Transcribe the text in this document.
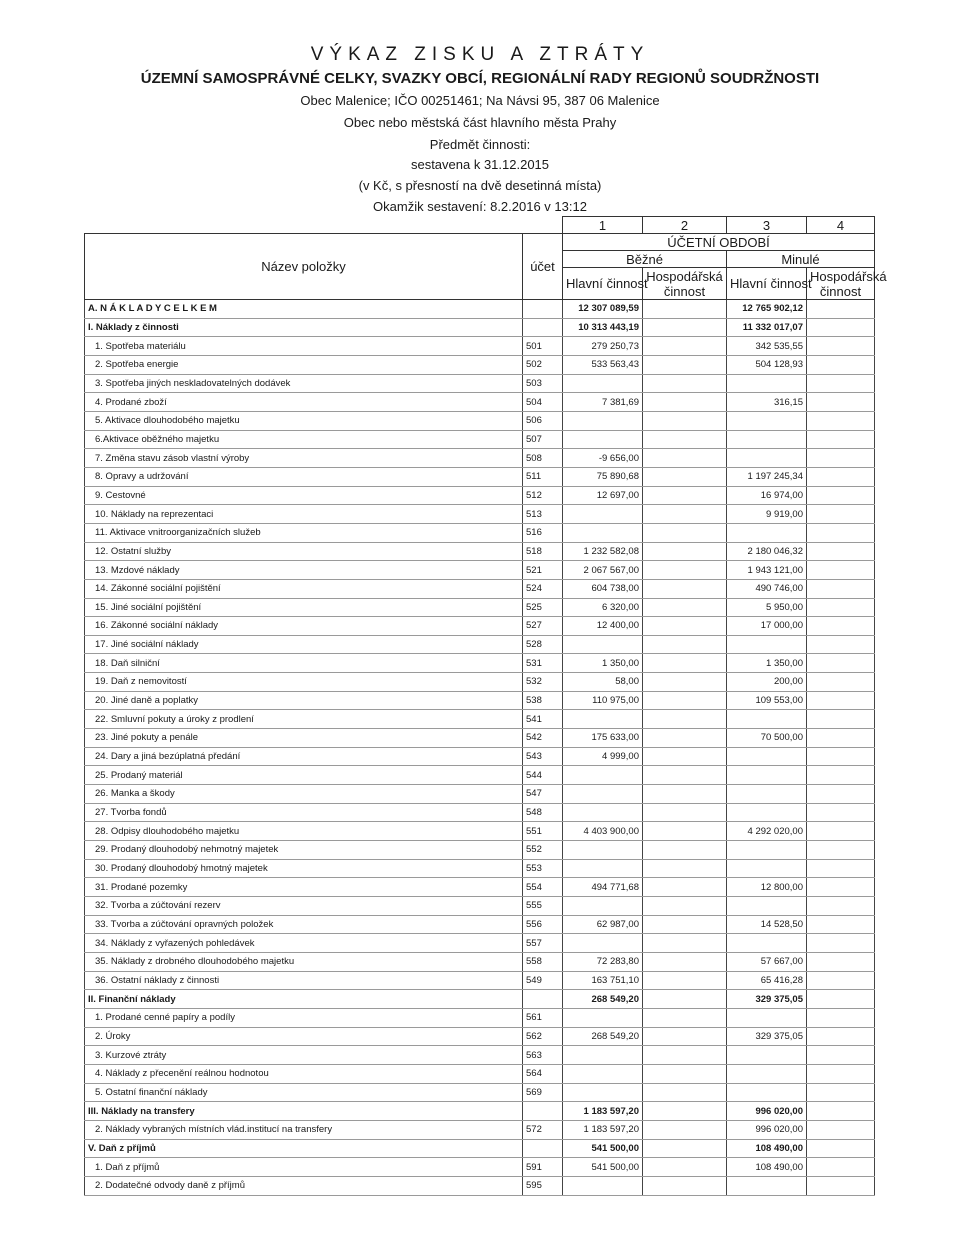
VÝKAZ ZISKU A ZTRÁTY
ÚZEMNÍ SAMOSPRÁVNÉ CELKY, SVAZKY OBCÍ, REGIONÁLNÍ RADY REGIONŮ SOUDRŽNOSTI
Obec Malenice; IČO 00251461; Na Návsi 95, 387 06 Malenice
Obec nebo městská část hlavního města Prahy
Předmět činnosti:
sestavena k 31.12.2015
(v Kč, s přesností na dvě desetinná místa)
Okamžik sestavení: 8.2.2016 v 13:12
		1	2	3	4
Název položky	účet	ÚČETNÍ OBDOBÍ			
		Běžné		Minulé	
		Hlavní činnost	Hospodářská činnost	Hlavní činnost	Hospodářská činnost
A. N Á K L A D Y C E L K E M		12 307 089,59		12 765 902,12	
I. Náklady z činnosti		10 313 443,19		11 332 017,07	
1. Spotřeba materiálu	501	279 250,73		342 535,55	
2. Spotřeba energie	502	533 563,43		504 128,93	
3. Spotřeba jiných neskladovatelných dodávek	503				
4. Prodané zboží	504	7 381,69		316,15	
5. Aktivace dlouhodobého majetku	506				
6.Aktivace oběžného majetku	507				
7. Změna stavu zásob vlastní výroby	508	-9 656,00			
8. Opravy a udržování	511	75 890,68		1 197 245,34	
9. Cestovné	512	12 697,00		16 974,00	
10. Náklady na reprezentaci	513			9 919,00	
11. Aktivace vnitroorganizačních služeb	516				
12. Ostatní služby	518	1 232 582,08		2 180 046,32	
13. Mzdové náklady	521	2 067 567,00		1 943 121,00	
14. Zákonné sociální pojištění	524	604 738,00		490 746,00	
15. Jiné sociální pojištění	525	6 320,00		5 950,00	
16. Zákonné sociální náklady	527	12 400,00		17 000,00	
17. Jiné sociální náklady	528				
18. Daň silniční	531	1 350,00		1 350,00	
19. Daň z nemovitostí	532	58,00		200,00	
20. Jiné daně a poplatky	538	110 975,00		109 553,00	
22. Smluvní pokuty a úroky z prodlení	541				
23. Jiné pokuty a penále	542	175 633,00		70 500,00	
24. Dary a jiná bezúplatná předání	543	4 999,00			
25. Prodaný materiál	544				
26. Manka a škody	547				
27. Tvorba fondů	548				
28. Odpisy dlouhodobého majetku	551	4 403 900,00		4 292 020,00	
29. Prodaný dlouhodobý nehmotný majetek	552				
30. Prodaný dlouhodobý hmotný majetek	553				
31. Prodané pozemky	554	494 771,68		12 800,00	
32. Tvorba a zúčtování rezerv	555				
33. Tvorba a zúčtování opravných položek	556	62 987,00		14 528,50	
34. Náklady z vyřazených pohledávek	557				
35. Náklady z drobného dlouhodobého majetku	558	72 283,80		57 667,00	
36. Ostatní náklady z činnosti	549	163 751,10		65 416,28	
II. Finanční náklady		268 549,20		329 375,05	
1. Prodané cenné papíry a podíly	561				
2. Úroky	562	268 549,20		329 375,05	
3. Kurzové ztráty	563				
4. Náklady z přecenění reálnou hodnotou	564				
5. Ostatní finanční náklady	569				
III. Náklady na transfery		1 183 597,20		996 020,00	
2. Náklady vybraných místních vlád.institucí na transfery	572	1 183 597,20		996 020,00	
V. Daň z příjmů		541 500,00		108 490,00	
1. Daň z příjmů	591	541 500,00		108 490,00	
2. Dodatečné odvody daně z příjmů	595				
